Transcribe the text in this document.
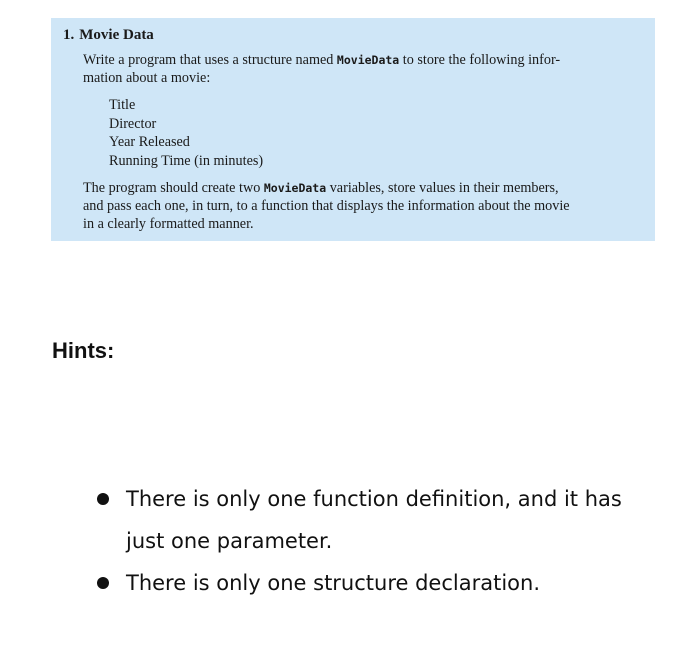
1. Movie Data

Write a program that uses a structure named MovieData to store the following infor-
mation about a movie:

Title
Director
Year Released
Running Time (in minutes)

The program should create two MovieData variables, store values in their members,
and pass each one, in turn, to a function that displays the information about the movie
in a clearly formatted manner.

Hints:
There is only one function definition, and it has just one parameter.
There is only one structure declaration.
